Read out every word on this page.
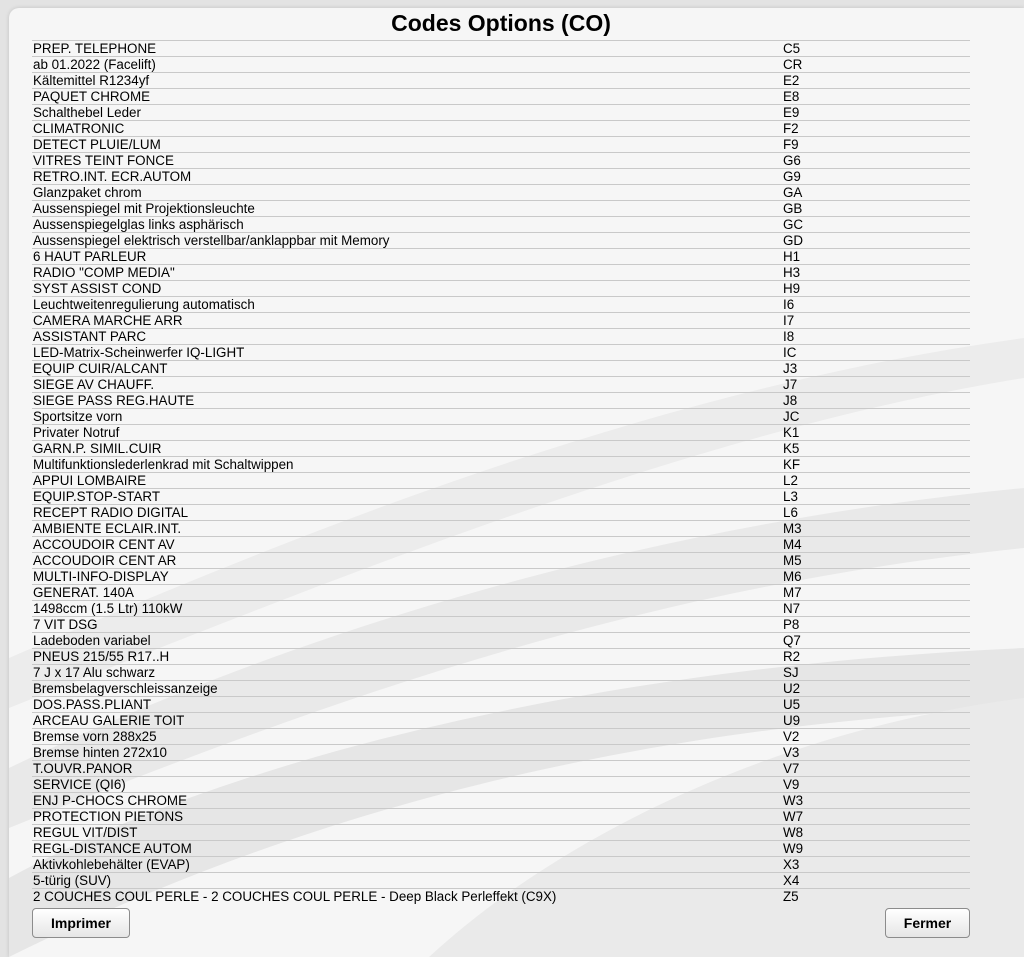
Codes Options (CO)
PREP. TELEPHONE	C5
ab 01.2022 (Facelift)	CR
Kältemittel R1234yf	E2
PAQUET CHROME	E8
Schalthebel Leder	E9
CLIMATRONIC	F2
DETECT PLUIE/LUM	F9
VITRES TEINT FONCE	G6
RETRO.INT. ECR.AUTOM	G9
Glanzpaket chrom	GA
Aussenspiegel mit Projektionsleuchte	GB
Aussenspiegelglas links asphärisch	GC
Aussenspiegel elektrisch verstellbar/anklappbar mit Memory	GD
6 HAUT PARLEUR	H1
RADIO "COMP MEDIA"	H3
SYST ASSIST COND	H9
Leuchtweitenregulierung automatisch	I6
CAMERA MARCHE ARR	I7
ASSISTANT PARC	I8
LED-Matrix-Scheinwerfer IQ-LIGHT	IC
EQUIP CUIR/ALCANT	J3
SIEGE AV CHAUFF.	J7
SIEGE PASS REG.HAUTE	J8
Sportsitze vorn	JC
Privater Notruf	K1
GARN.P. SIMIL.CUIR	K5
Multifunktionslederlenkrad mit Schaltwippen	KF
APPUI LOMBAIRE	L2
EQUIP.STOP-START	L3
RECEPT RADIO DIGITAL	L6
AMBIENTE ECLAIR.INT.	M3
ACCOUDOIR CENT AV	M4
ACCOUDOIR CENT AR	M5
MULTI-INFO-DISPLAY	M6
GENERAT. 140A	M7
1498ccm (1.5 Ltr) 110kW	N7
7 VIT DSG	P8
Ladeboden variabel	Q7
PNEUS 215/55 R17..H	R2
7 J x 17 Alu schwarz	SJ
Bremsbelagverschleissanzeige	U2
DOS.PASS.PLIANT	U5
ARCEAU GALERIE TOIT	U9
Bremse vorn 288x25	V2
Bremse hinten 272x10	V3
T.OUVR.PANOR	V7
SERVICE (QI6)	V9
ENJ P-CHOCS CHROME	W3
PROTECTION PIETONS	W7
REGUL VIT/DIST	W8
REGL-DISTANCE AUTOM	W9
Aktivkohlebehälter (EVAP)	X3
5-türig (SUV)	X4
2 COUCHES COUL PERLE - 2 COUCHES COUL PERLE - Deep Black Perleffekt (C9X)	Z5
Imprimer	Fermer
